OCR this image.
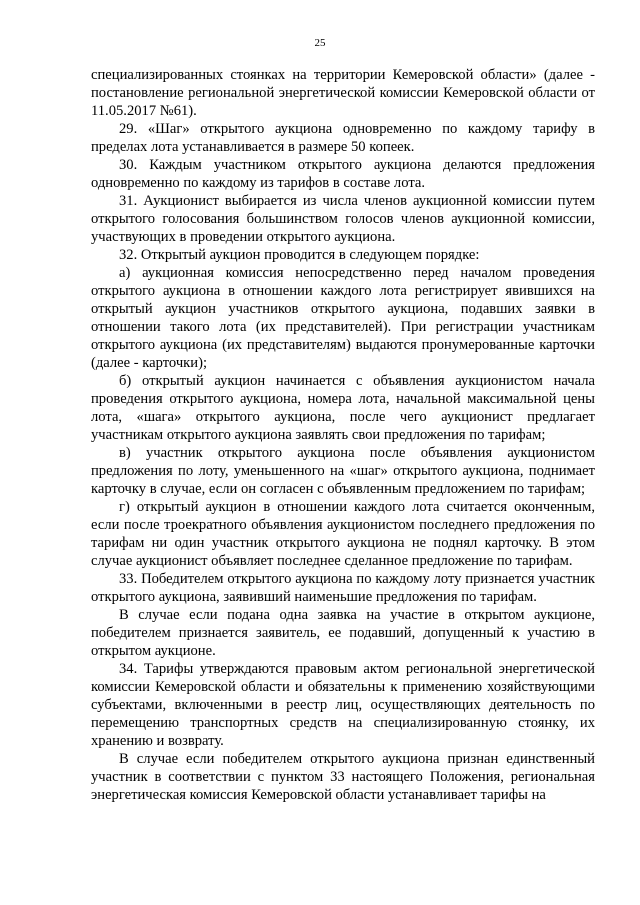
25

специализированных стоянках на территории Кемеровской области» (далее - постановление региональной энергетической комиссии Кемеровской области от 11.05.2017 №61).

29. «Шаг» открытого аукциона одновременно по каждому тарифу в пределах лота устанавливается в размере 50 копеек.

30. Каждым участником открытого аукциона делаются предложения одновременно по каждому из тарифов в составе лота.

31. Аукционист выбирается из числа членов аукционной комиссии путем открытого голосования большинством голосов членов аукционной комиссии, участвующих в проведении открытого аукциона.

32. Открытый аукцион проводится в следующем порядке:

а) аукционная комиссия непосредственно перед началом проведения открытого аукциона в отношении каждого лота регистрирует явившихся на открытый аукцион участников открытого аукциона, подавших заявки в отношении такого лота (их представителей). При регистрации участникам открытого аукциона (их представителям) выдаются пронумерованные карточки (далее - карточки);

б) открытый аукцион начинается с объявления аукционистом начала проведения открытого аукциона, номера лота, начальной максимальной цены лота, «шага» открытого аукциона, после чего аукционист предлагает участникам открытого аукциона заявлять свои предложения по тарифам;

в) участник открытого аукциона после объявления аукционистом предложения по лоту, уменьшенного на «шаг» открытого аукциона, поднимает карточку в случае, если он согласен с объявленным предложением по тарифам;

г) открытый аукцион в отношении каждого лота считается оконченным, если после троекратного объявления аукционистом последнего предложения по тарифам ни один участник открытого аукциона не поднял карточку. В этом случае аукционист объявляет последнее сделанное предложение по тарифам.

33. Победителем открытого аукциона по каждому лоту признается участник открытого аукциона, заявивший наименьшие предложения по тарифам.

В случае если подана одна заявка на участие в открытом аукционе, победителем признается заявитель, ее подавший, допущенный к участию в открытом аукционе.

34. Тарифы утверждаются правовым актом региональной энергетической комиссии Кемеровской области и обязательны к применению хозяйствующими субъектами, включенными в реестр лиц, осуществляющих деятельность по перемещению транспортных средств на специализированную стоянку, их хранению и возврату.

В случае если победителем открытого аукциона признан единственный участник в соответствии с пунктом 33 настоящего Положения, региональная энергетическая комиссия Кемеровской области устанавливает тарифы на
